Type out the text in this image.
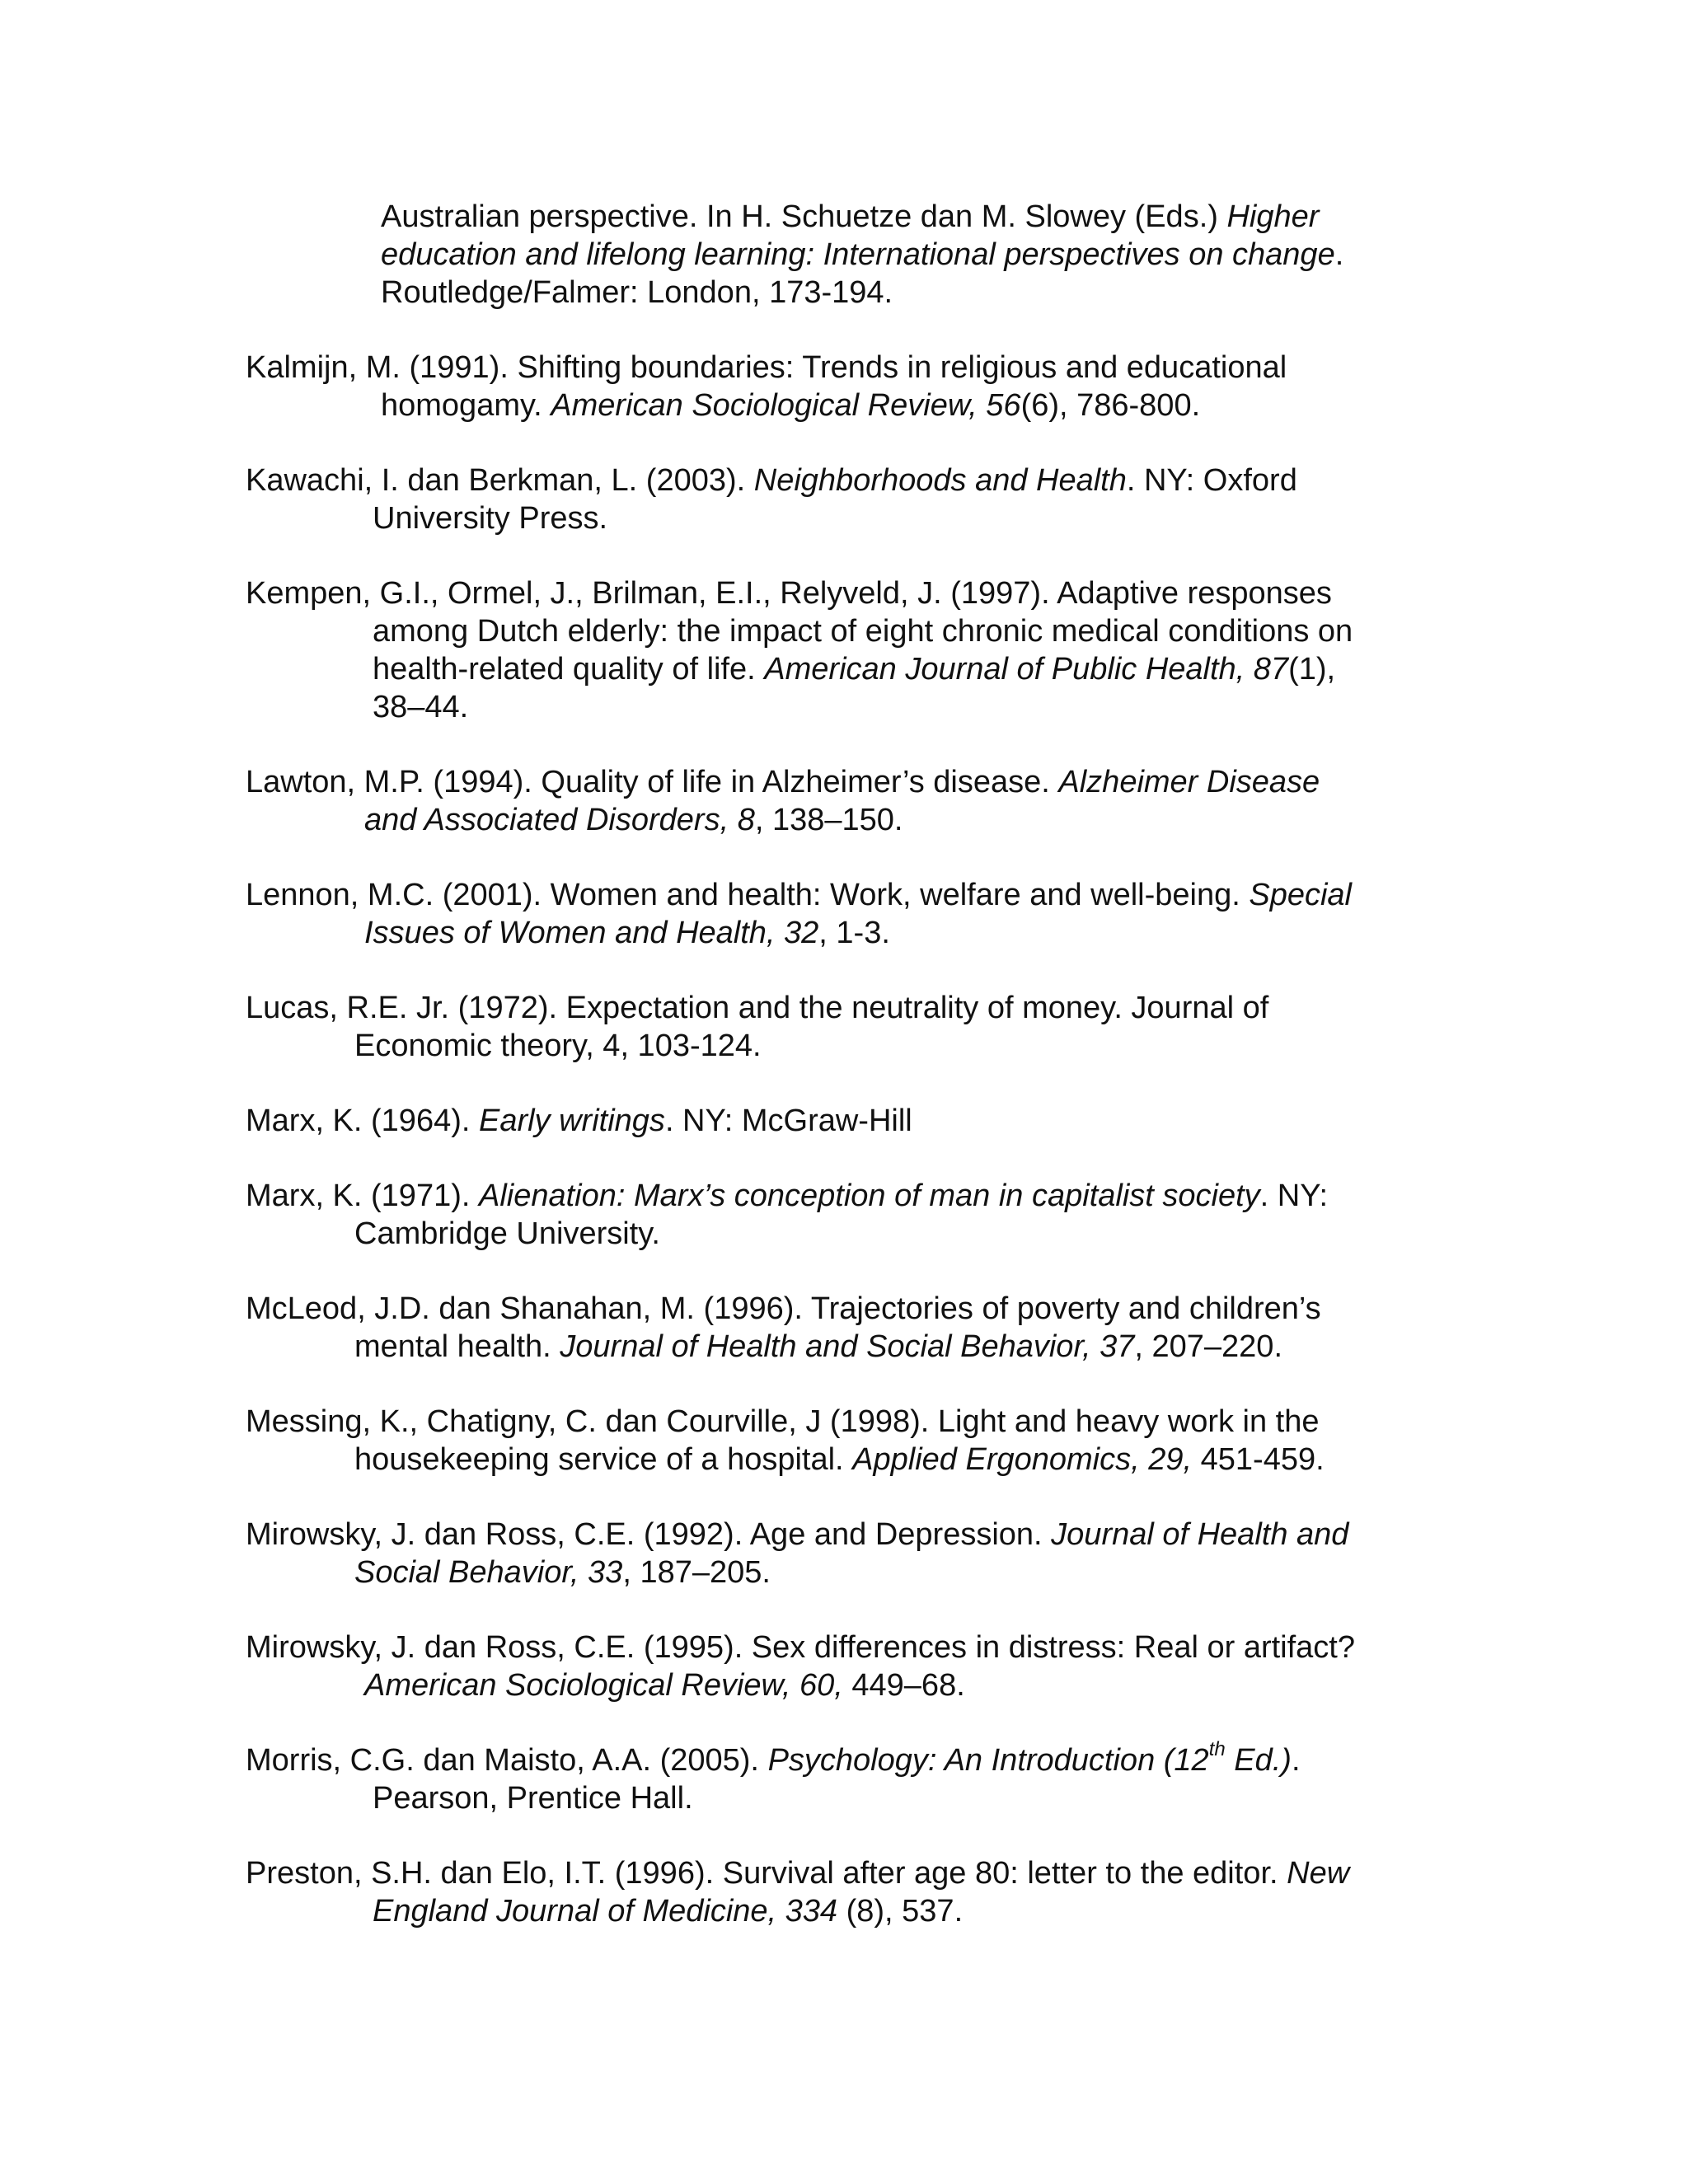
Australian perspective. In H. Schuetze dan M. Slowey (Eds.) Higher
education and lifelong learning: International perspectives on change.
Routledge/Falmer: London, 173-194.
Kalmijn, M. (1991). Shifting boundaries: Trends in religious and educational
homogamy. American Sociological Review, 56(6), 786-800.
Kawachi, I. dan Berkman, L. (2003). Neighborhoods and Health. NY: Oxford
University Press.
Kempen, G.I., Ormel, J., Brilman, E.I., Relyveld, J. (1997). Adaptive responses
among Dutch elderly: the impact of eight chronic medical conditions on
health-related quality of life. American Journal of Public Health, 87(1),
38–44.
Lawton, M.P. (1994). Quality of life in Alzheimer’s disease. Alzheimer Disease
and Associated Disorders, 8, 138–150.
Lennon, M.C. (2001). Women and health: Work, welfare and well-being. Special
Issues of Women and Health, 32, 1-3.
Lucas, R.E. Jr. (1972). Expectation and the neutrality of money. Journal of
Economic theory, 4, 103-124.
Marx, K. (1964). Early writings. NY: McGraw-Hill
Marx, K. (1971). Alienation: Marx’s conception of man in capitalist society. NY:
Cambridge University.
McLeod, J.D. dan Shanahan, M. (1996). Trajectories of poverty and children’s
mental health. Journal of Health and Social Behavior, 37, 207–220.
Messing, K., Chatigny, C. dan Courville, J (1998). Light and heavy work in the
housekeeping service of a hospital. Applied Ergonomics, 29, 451-459.
Mirowsky, J. dan Ross, C.E. (1992). Age and Depression. Journal of Health and
Social Behavior, 33, 187–205.
Mirowsky, J. dan Ross, C.E. (1995). Sex differences in distress: Real or artifact?
American Sociological Review, 60, 449–68.
Morris, C.G. dan Maisto, A.A. (2005). Psychology: An Introduction (12th Ed.).
Pearson, Prentice Hall.
Preston, S.H. dan Elo, I.T. (1996). Survival after age 80: letter to the editor. New
England Journal of Medicine, 334 (8), 537.
